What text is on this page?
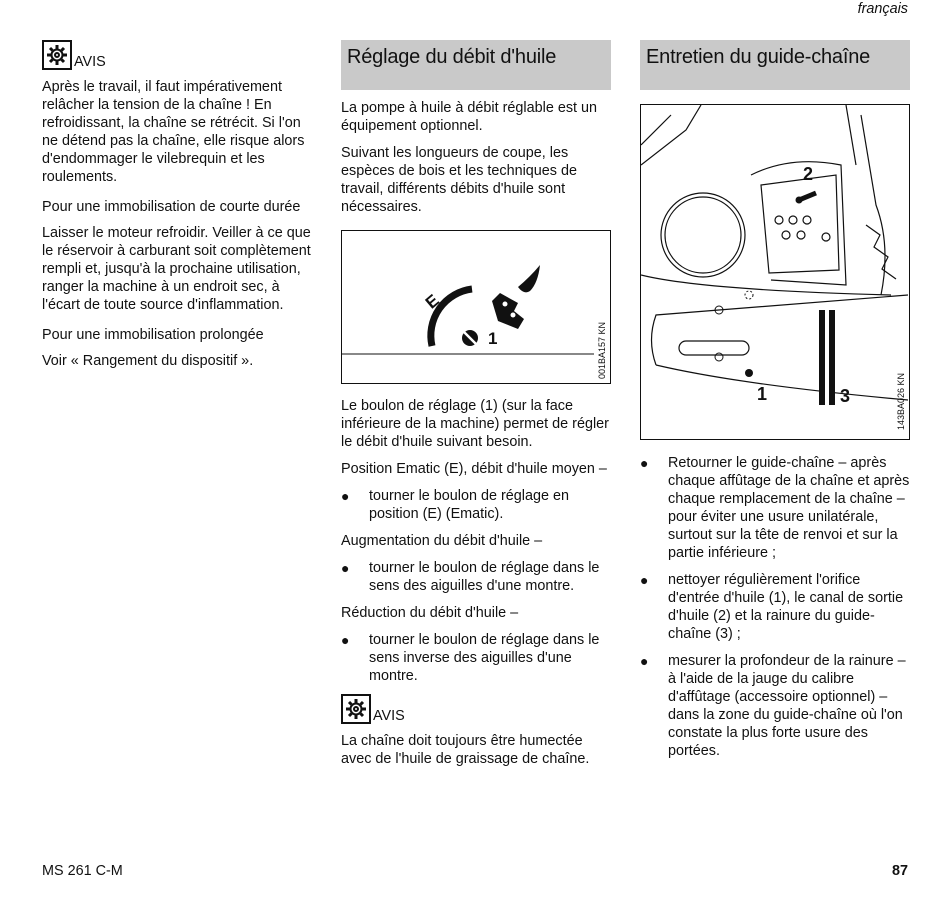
français
AVIS

Après le travail, il faut impérativement relâcher la tension de la chaîne ! En refroidissant, la chaîne se rétrécit. Si l'on ne détend pas la chaîne, elle risque alors d'endommager le vilebrequin et les roulements.

Pour une immobilisation de courte durée

Laisser le moteur refroidir. Veiller à ce que le réservoir à carburant soit complètement rempli et, jusqu'à la prochaine utilisation, ranger la machine à un endroit sec, à l'écart de toute source d'inflammation.

Pour une immobilisation prolongée

Voir « Rangement du dispositif ».

Réglage du débit d'huile

La pompe à huile à débit réglable est un équipement optionnel.

Suivant les longueurs de coupe, les espèces de bois et les techniques de travail, différents débits d'huile sont nécessaires.

E
1	001BA157 KN

Le boulon de réglage (1) (sur la face inférieure de la machine) permet de régler le débit d'huile suivant besoin.

Position Ematic (E), débit d'huile moyen –

● tourner le boulon de réglage en position (E) (Ematic).

Augmentation du débit d'huile –

● tourner le boulon de réglage dans le sens des aiguilles d'une montre.

Réduction du débit d'huile –

● tourner le boulon de réglage dans le sens inverse des aiguilles d'une montre.
AVIS

La chaîne doit toujours être humectée avec de l'huile de graissage de chaîne.

Entretien du guide-chaîne
2
1	3	143BA026 KN
● Retourner le guide-chaîne – après chaque affûtage de la chaîne et après chaque remplacement de la chaîne – pour éviter une usure unilatérale, surtout sur la tête de renvoi et sur la partie inférieure ;
● nettoyer régulièrement l'orifice d'entrée d'huile (1), le canal de sortie d'huile (2) et la rainure du guide-chaîne (3) ;
● mesurer la profondeur de la rainure – à l'aide de la jauge du calibre d'affûtage (accessoire optionnel) – dans la zone du guide-chaîne où l'on constate la plus forte usure des portées.
MS 261 C-M	87
